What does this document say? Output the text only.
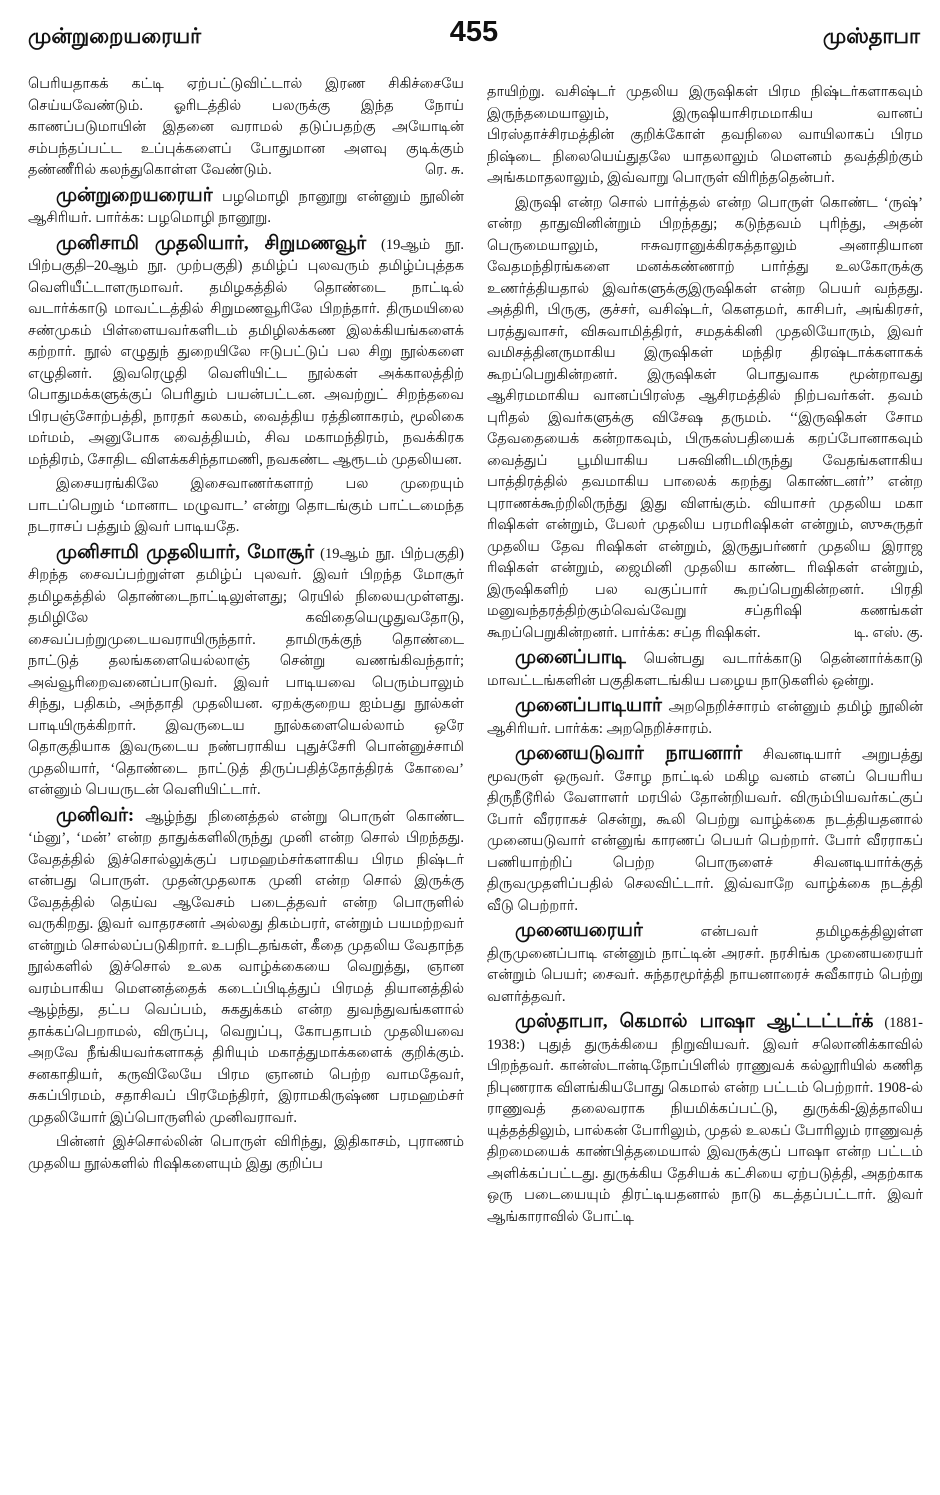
முன்றுறையரையர்	455	முஸ்தாபா

பெரியதாகக் கட்டி ஏற்பட்டுவிட்டால் இரண சிகிச்சையே செய்யவேண்டும். ஓரிடத்தில் பலருக்கு இந்த நோய் காணப்படுமாயின் இதனை வராமல் தடுப்பதற்கு அயோடின் சம்பந்தப்பட்ட உப்புக்களைப் போதுமான அளவு குடிக்கும் தண்ணீரில் கலந்துகொள்ள வேண்டும்.	ரெ. சு.

முன்றுறையரையர் பழமொழி நானூறு என்னும் நூலின் ஆசிரியர். பார்க்க: பழமொழி நானூறு.

முனிசாமி முதலியார், சிறுமணவூர் (19ஆம் நூ. பிற்பகுதி–20ஆம் நூ. முற்பகுதி) தமிழ்ப் புலவரும் தமிழ்ப்புத்தக வெளியீட்டாளருமாவர். தமிழகத்தில் தொண்டை நாட்டில் வடார்க்காடு மாவட்டத்தில் சிறுமணவூரிலே பிறந்தார். திருமயிலை சண்முகம் பிள்ளையவர்களிடம் தமிழிலக்கண இலக்கியங்களைக் கற்றார். நூல் எழுதுந் துறையிலே ஈடுபட்டுப் பல சிறு நூல்களை எழுதினர். இவரெழுதி வெளியிட்ட நூல்கள் அக்காலத்திற் பொதுமக்களுக்குப் பெரிதும் பயன்பட்டன. அவற்றுட் சிறந்தவை பிரபஞ்சோற்பத்தி, நாரதர் கலகம், வைத்திய ரத்தினாகரம், மூலிகை மர்மம், அனுபோக வைத்தியம், சிவ மகாமந்திரம், நவக்கிரக மந்திரம், சோதிட விளக்கசிந்தாமணி, நவகண்ட ஆரூடம் முதலியன.

இசையரங்கிலே இசைவாணர்களாற் பல முறையும் பாடப்பெறும் ‘மானாட மழுவாட’ என்று தொடங்கும் பாட்டமைந்த நடராசப் பத்தும் இவர் பாடியதே.

முனிசாமி முதலியார், மோசூர் (19ஆம் நூ. பிற்பகுதி) சிறந்த சைவப்பற்றுள்ள தமிழ்ப் புலவர். இவர் பிறந்த மோசூர் தமிழகத்தில் தொண்டைநாட்டிலுள்ளது; ரெயில் நிலையமுள்ளது. தமிழிலே கவிதையெழுதுவதோடு, சைவப்பற்றுமுடையவராயிருந்தார். தாமிருக்குந் தொண்டை நாட்டுத் தலங்களையெல்லாஞ் சென்று வணங்கிவந்தார்; அவ்வூரிறைவனைப்பாடுவர். இவர் பாடியவை பெரும்பாலும் சிந்து, பதிகம், அந்தாதி முதலியன. ஏறக்குறைய ஐம்பது நூல்கள் பாடியிருக்கிறார். இவருடைய நூல்களையெல்லாம் ஒரே தொகுதியாக இவருடைய நண்பராகிய புதுச்சேரி பொன்னுச்சாமி முதலியார், ‘தொண்டை நாட்டுத் திருப்பதித்தோத்திரக் கோவை’ என்னும் பெயருடன் வெளியிட்டார்.

முனிவர்: ஆழ்ந்து நினைத்தல் என்று பொருள் கொண்ட ‘ம்னு’, ‘மன்’ என்ற தாதுக்களிலிருந்து முனி என்ற சொல் பிறந்தது. வேதத்தில் இச்சொல்லுக்குப் பரமஹம்சர்களாகிய பிரம நிஷ்டர் என்பது பொருள். முதன்முதலாக முனி என்ற சொல் இருக்கு வேதத்தில் தெய்வ ஆவேசம் படைத்தவர் என்ற பொருளில் வருகிறது. இவர் வாதரசனர் அல்லது திகம்பரர், என்றும் பயமற்றவர் என்றும் சொல்லப்படுகிறார். உபநிடதங்கள், கீதை முதலிய வேதாந்த நூல்களில் இச்சொல் உலக வாழ்க்கையை வெறுத்து, ஞான வரம்பாகிய மௌனத்தைக் கடைப்பிடித்துப் பிரமத் தியானத்தில் ஆழ்ந்து, தட்ப வெப்பம், சுகதுக்கம் என்ற துவந்துவங்களால் தாக்கப்பெறாமல், விருப்பு, வெறுப்பு, கோபதாபம் முதலியவை அறவே நீங்கியவர்களாகத் திரியும் மகாத்துமாக்களைக் குறிக்கும். சனகாதியர், கருவிலேயே பிரம ஞானம் பெற்ற வாமதேவர், சுகப்பிரமம், சதாசிவப் பிரமேந்திரர், இராமகிருஷ்ண பரமஹம்சர் முதலியோர் இப்பொருளில் முனிவராவர்.

பின்னர் இச்சொல்லின் பொருள் விரிந்து, இதிகாசம், புராணம் முதலிய நூல்களில் ரிஷிகளையும் இது குறிப்ப

தாயிற்று. வசிஷ்டர் முதலிய இருஷிகள் பிரம நிஷ்டர்களாகவும் இருந்தமையாலும், இருஷியாசிரமமாகிய வானப் பிரஸ்தாச்சிரமத்தின் குறிக்கோள் தவநிலை வாயிலாகப் பிரம நிஷ்டை நிலையெய்துதலே யாதலாலும் மௌனம் தவத்திற்கும் அங்கமாதலாலும், இவ்வாறு பொருள் விரிந்ததென்பர்.

இருஷி என்ற சொல் பார்த்தல் என்ற பொருள் கொண்ட ‘ருஷ்’ என்ற தாதுவினின்றும் பிறந்தது; கடுந்தவம் புரிந்து, அதன் பெருமையாலும், ஈசுவரானுக்கிரகத்தாலும் அனாதியான வேதமந்திரங்களை மனக்கண்ணாற் பார்த்து உலகோருக்கு உணர்த்தியதால் இவர்களுக்குஇருஷிகள் என்ற பெயர் வந்தது. அத்திரி, பிருகு, குச்சர், வசிஷ்டர், கௌதமர், காசிபர், அங்கிரசர், பரத்துவாசர், விசுவாமித்திரர், சமதக்கினி முதலியோரும், இவர் வமிசத்தினருமாகிய இருஷிகள் மந்திர திரஷ்டாக்களாகக் கூறப்பெறுகின்றனர். இருஷிகள் பொதுவாக மூன்றாவது ஆசிரமமாகிய வானப்பிரஸ்த ஆசிரமத்தில் நிற்பவர்கள். தவம் புரிதல் இவர்களுக்கு விசேஷ தருமம். ‘‘இருஷிகள் சோம தேவதையைக் கன்றாகவும், பிருகஸ்பதியைக் கறப்போனாகவும் வைத்துப் பூமியாகிய பசுவினிடமிருந்து வேதங்களாகிய பாத்திரத்தில் தவமாகிய பாலைக் கறந்து கொண்டனர்’’ என்ற புராணக்கூற்றிலிருந்து இது விளங்கும். வியாசர் முதலிய மகா ரிஷிகள் என்றும், பேலர் முதலிய பரமரிஷிகள் என்றும், ஸுசுருதர் முதலிய தேவ ரிஷிகள் என்றும், இருதுபர்ணர் முதலிய இராஜ ரிஷிகள் என்றும், ஜைமினி முதலிய காண்ட ரிஷிகள் என்றும், இருஷிகளிற் பல வகுப்பார் கூறப்பெறுகின்றனர். பிரதி மனுவந்தரத்திற்கும்வெவ்வேறு சப்தரிஷி கணங்கள் கூறப்பெறுகின்றனர். பார்க்க: சப்த ரிஷிகள்.	டி. எஸ். கு.

முனைப்பாடி யென்பது வடார்க்காடு தென்னார்க்காடு மாவட்டங்களின் பகுதிகளடங்கிய பழைய நாடுகளில் ஒன்று.

முனைப்பாடியார் அறநெறிச்சாரம் என்னும் தமிழ் நூலின் ஆசிரியர். பார்க்க: அறநெறிச்சாரம்.

முனையடுவார் நாயனார் சிவனடியார் அறுபத்து மூவருள் ஒருவர். சோழ நாட்டில் மகிழ வனம் எனப் பெயரிய திருநீடூரில் வேளாளர் மரபில் தோன்றியவர். விரும்பியவர்கட்குப் போர் வீரராகச் சென்று, கூலி பெற்று வாழ்க்கை நடத்தியதனால் முனையடுவார் என்னுங் காரணப் பெயர் பெற்றார். போர் வீரராகப் பணியாற்றிப் பெற்ற பொருளைச் சிவனடியார்க்குத் திருவமுதளிப்பதில் செலவிட்டார். இவ்வாறே வாழ்க்கை நடத்தி வீடு பெற்றார்.

முனையரையர்	என்பவர் தமிழகத்திலுள்ள திருமுனைப்பாடி என்னும் நாட்டின் அரசர். நரசிங்க முனையரையர் என்றும் பெயர்; சைவர். சுந்தரமூர்த்தி நாயனாரைச் சுவீகாரம் பெற்று வளர்த்தவர்.

முஸ்தாபா, கெமால் பாஷா ஆட்டட்டர்க் (1881-1938:) புதுத் துருக்கியை நிறுவியவர். இவர் சலொனிக்காவில் பிறந்தவர். கான்ஸ்டான்டிநோப்பிளில் ராணுவக் கல்லூரியில் கணித நிபுணராக விளங்கியபோது கெமால் என்ற பட்டம் பெற்றார். 1908-ல் ராணுவத் தலைவராக நியமிக்கப்பட்டு, துருக்கி-இத்தாலிய யுத்தத்திலும், பால்கன் போரிலும், முதல் உலகப் போரிலும் ராணுவத் திறமையைக் காண்பித்தமையால் இவருக்குப் பாஷா என்ற பட்டம் அளிக்கப்பட்டது. துருக்கிய தேசியக் கட்சியை ஏற்படுத்தி, அதற்காக ஒரு படையையும் திரட்டியதனால் நாடு கடத்தப்பட்டார். இவர் ஆங்காராவில் போட்டி
